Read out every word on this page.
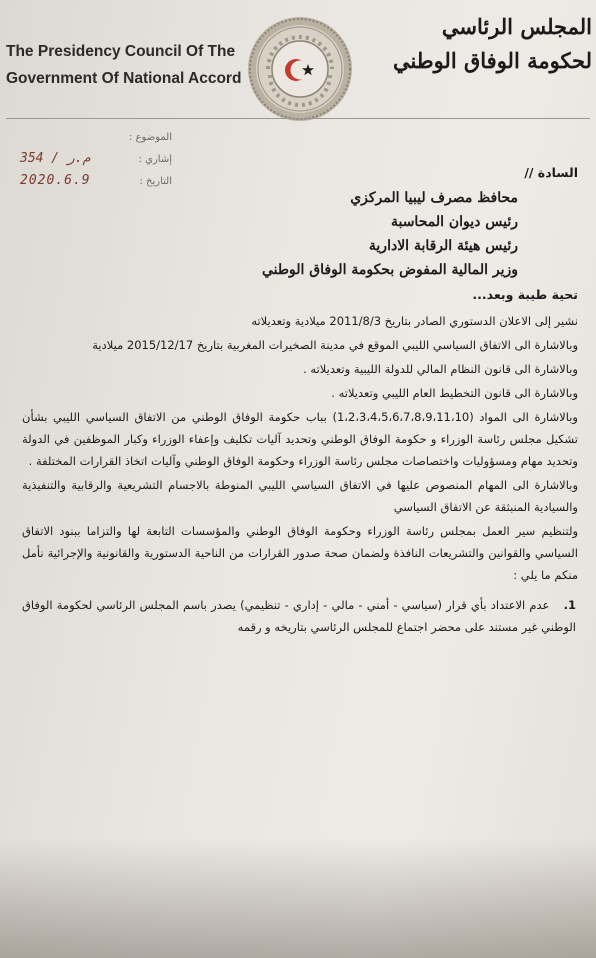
The Presidency Council Of The
Government Of National Accord
المجلس الرئاسي
لحكومة الوفاق الوطني
الموضوع :
354 / م.ر	إشاري :
2020.6.9	التاريخ :
السادة //
محافظ مصرف ليبيا المركزي
رئيس ديوان المحاسبة
رئيس هيئة الرقابة الادارية
وزير المالية المفوض بحكومة الوفاق الوطني
تحية طيبة وبعد...

نشير إلى الاعلان الدستوري الصادر بتاريخ 2011/8/3 ميلادية وتعديلاته

وبالاشارة الى الاتفاق السياسي الليبي الموقع في مدينة الصخيرات المغربية بتاريخ 2015/12/17 ميلادية

وبالاشارة الى قانون النظام المالي للدولة الليبية وتعديلاته .

وبالاشارة الى قانون التخطيط العام الليبي وتعديلاته .

وبالاشارة الى المواد (1،2،3،4،5،6،7،8،9،11،10) بباب حكومة الوفاق الوطني من الاتفاق السياسي الليبي بشأن تشكيل مجلس رئاسة الوزراء و حكومة الوفاق الوطني وتحديد آليات تكليف وإعفاء الوزراء وكبار الموظفين في الدولة وتحديد مهام ومسؤوليات واختصاصات مجلس رئاسة الوزراء وحكومة الوفاق الوطني وآليات اتخاذ القرارات المختلفة .

وبالاشارة الى المهام المنصوص عليها في الاتفاق السياسي الليبي المنوطة بالاجسام التشريعية والرقابية والتنفيذية والسيادية المنبثقة عن الاتفاق السياسي

ولتنظيم سير العمل بمجلس رئاسة الوزراء وحكومة الوفاق الوطني والمؤسسات التابعة لها والتزاما ببنود الاتفاق السياسي والقوانين والتشريعات النافذة ولضمان صحة صدور القرارات من الناحية الدستورية والقانونية والإجرائية نأمل منكم ما يلي :

1. عدم الاعتداد بأي قرار (سياسي - أمني - مالي - إداري - تنظيمي) يصدر باسم المجلس الرئاسي لحكومة الوفاق الوطني غير مستند على محضر اجتماع للمجلس الرئاسي بتاريخه و رقمه
